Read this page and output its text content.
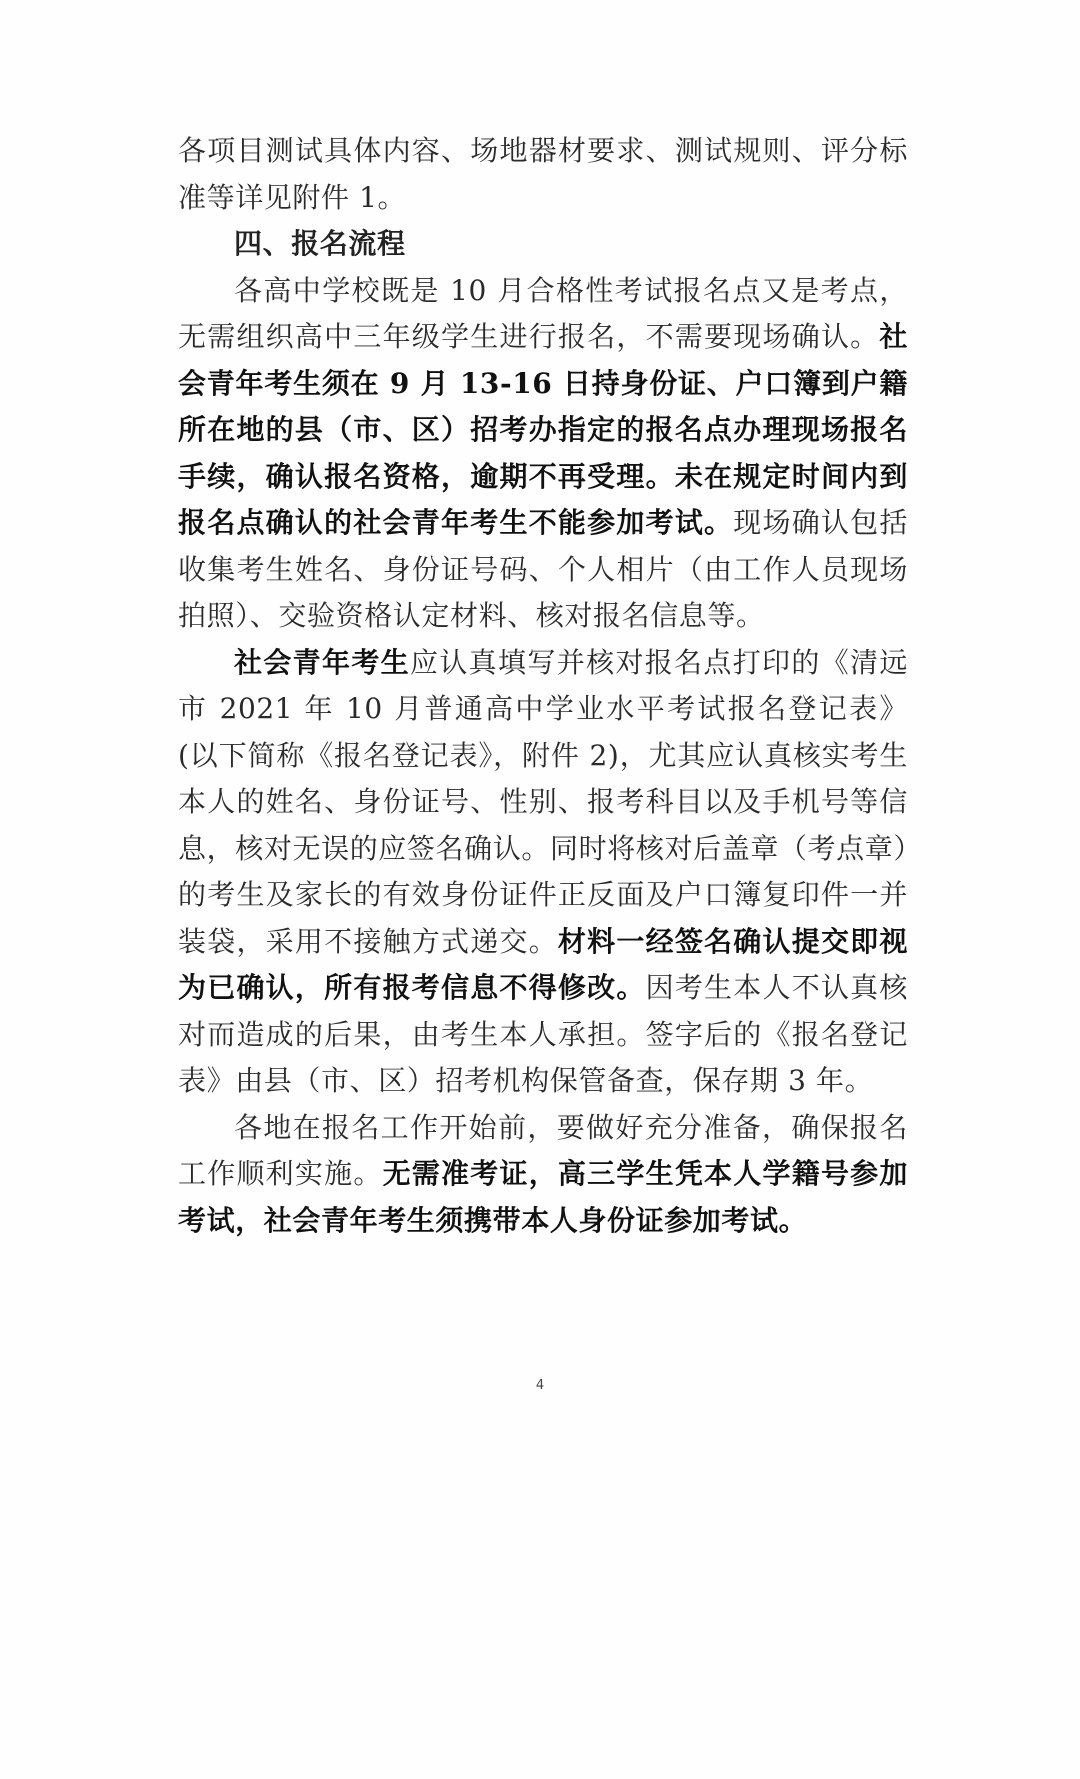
各项目测试具体内容、场地器材要求、测试规则、评分标准等详见附件 1。

四、报名流程

各高中学校既是 10 月合格性考试报名点又是考点，无需组织高中三年级学生进行报名，不需要现场确认。社会青年考生须在 9 月 13-16 日持身份证、户口簿到户籍所在地的县（市、区）招考办指定的报名点办理现场报名手续，确认报名资格，逾期不再受理。未在规定时间内到报名点确认的社会青年考生不能参加考试。现场确认包括收集考生姓名、身份证号码、个人相片（由工作人员现场拍照）、交验资格认定材料、核对报名信息等。

社会青年考生应认真填写并核对报名点打印的《清远市 2021 年 10 月普通高中学业水平考试报名登记表》(以下简称《报名登记表》，附件 2)，尤其应认真核实考生本人的姓名、身份证号、性别、报考科目以及手机号等信息，核对无误的应签名确认。同时将核对后盖章（考点章）的考生及家长的有效身份证件正反面及户口簿复印件一并装袋，采用不接触方式递交。材料一经签名确认提交即视为已确认，所有报考信息不得修改。因考生本人不认真核对而造成的后果，由考生本人承担。签字后的《报名登记表》由县（市、区）招考机构保管备查，保存期 3 年。

各地在报名工作开始前，要做好充分准备，确保报名工作顺利实施。无需准考证，高三学生凭本人学籍号参加考试，社会青年考生须携带本人身份证参加考试。

4
